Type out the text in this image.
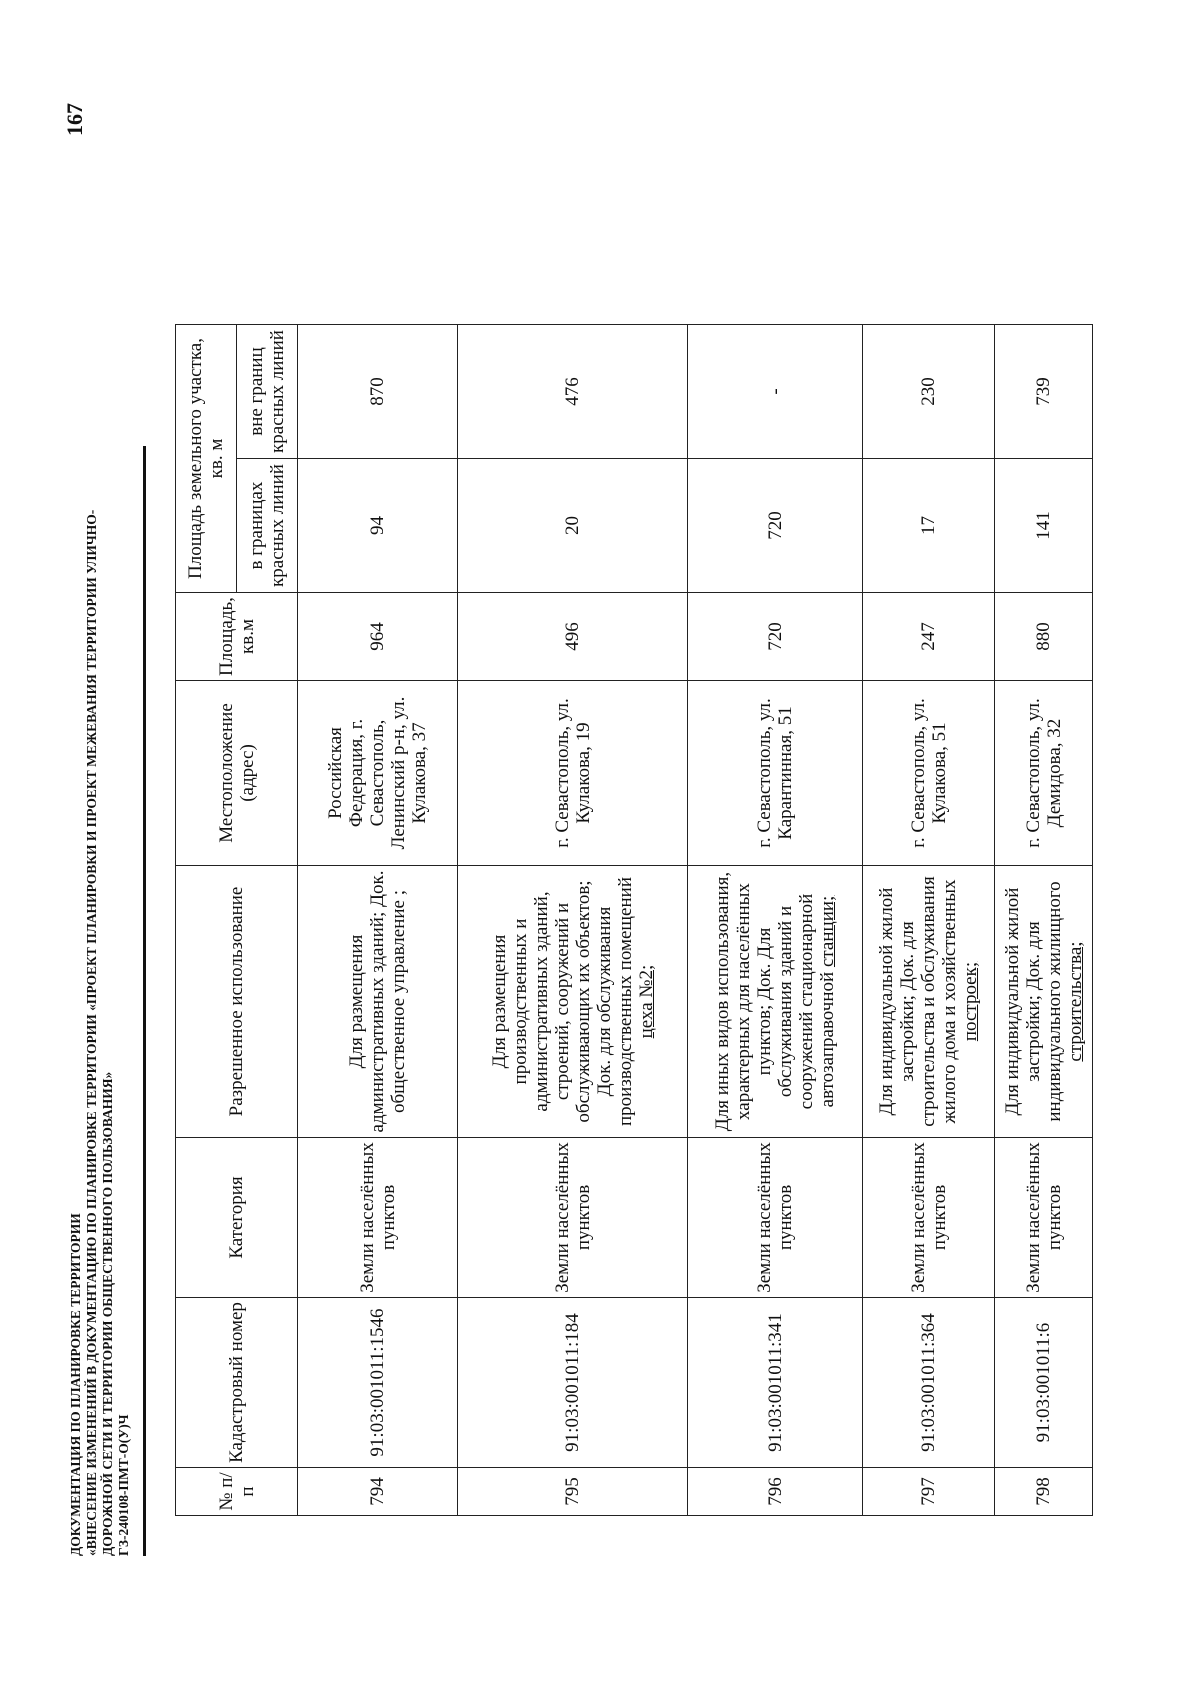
167
ДОКУМЕНТАЦИЯ ПО ПЛАНИРОВКЕ ТЕРРИТОРИИ «ВНЕСЕНИЕ ИЗМЕНЕНИЙ В ДОКУМЕНТАЦИЮ ПО ПЛАНИРОВКЕ ТЕРРИТОРИИ «ПРОЕКТ ПЛАНИРОВКИ И ПРОЕКТ МЕЖЕВАНИЯ ТЕРРИТОРИИ УЛИЧНО- ДОРОЖНОЙ СЕТИ И ТЕРРИТОРИИ ОБЩЕСТВЕННОГО ПОЛЬЗОВАНИЯ» ГЗ-240108-ПМТ-О(У)Ч	№ п/п	Кадастровый номер	Категория	Разрешенное использование	Местоположение (адрес)	Площадь, кв.м	Площадь земельного участка, кв. м	
						в границах красных линий	вне границ красных линий
794	91:03:001011:1546	Земли населённых пунктов	Для размещения административных зданий; Док. общественное управление ;	Российская Федерация, г. Севастополь, Ленинский р-н, ул. Кулакова, 37	964	94	870
795	91:03:001011:184	Земли населённых пунктов	Для размещения производственных и административных зданий, строений, сооружений и обслуживающих их объектов; Док. для обслуживания производственных помещений цеха №2;	г. Севастополь, ул. Кулакова, 19	496	20	476
796	91:03:001011:341	Земли населённых пунктов	Для иных видов использования, характерных для населённых пунктов; Док. Для обслуживания зданий и сооружений стационарной автозаправочной станции;	г. Севастополь, ул. Карантинная, 51	720	720	-
797	91:03:001011:364	Земли населённых пунктов	Для индивидуальной жилой застройки; Док. для строительства и обслуживания жилого дома и хозяйственных построек;	г. Севастополь, ул. Кулакова, 51	247	17	230
798	91:03:001011:6	Земли населённых пунктов	Для индивидуальной жилой застройки; Док. для индивидуального жилищного строительства;	г. Севастополь, ул. Демидова, 32	880	141	739
